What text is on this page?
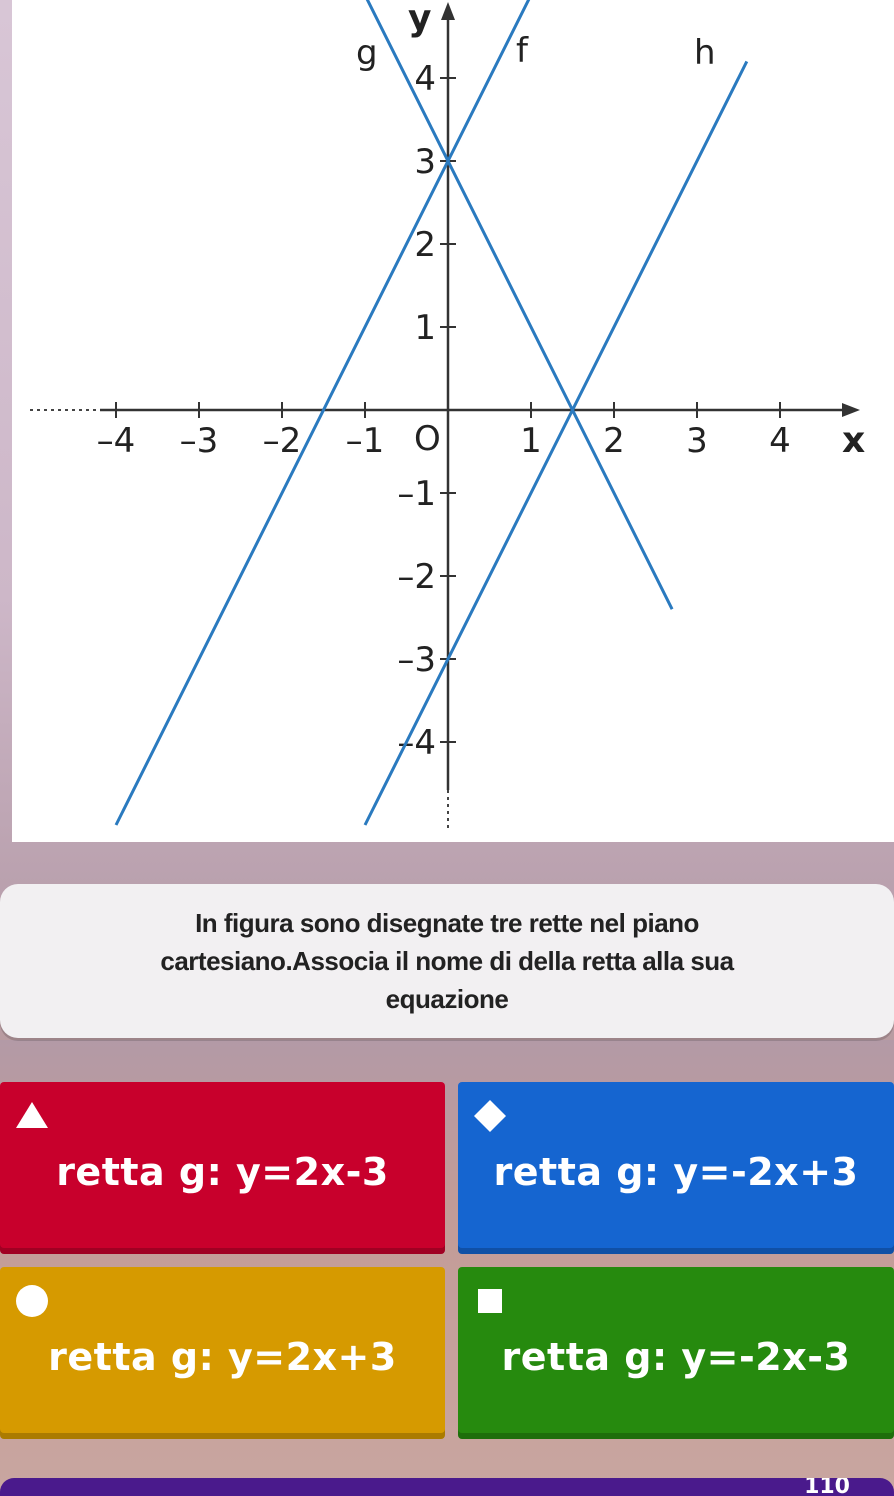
–4 –3 –2 –1	1 2 3 4
4
3
2
1
–1
–2
–3
–4
x
y
O
g	f	h
In figura sono disegnate tre rette nel piano cartesiano.Associa il nome di della retta alla sua equazione
retta g: y=2x-3	retta g: y=-2x+3
retta g: y=2x+3	retta g: y=-2x-3
110
